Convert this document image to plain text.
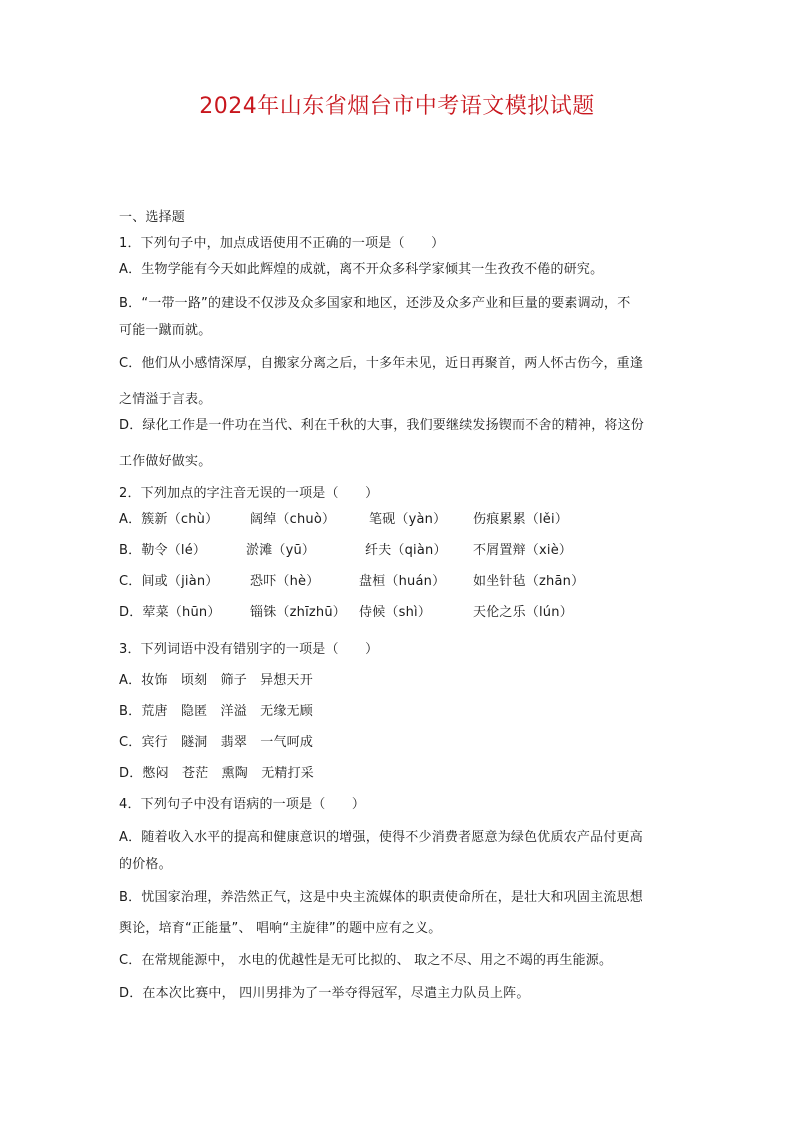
2024年山东省烟台市中考语文模拟试题
一、选择题
1．下列句子中，加点成语使用不正确的一项是（　　）
A．生物学能有今天如此辉煌的成就，离不开众多科学家倾其一生孜孜不倦的研究。
B．“一带一路”的建设不仅涉及众多国家和地区，还涉及众多产业和巨量的要素调动，不
可能一蹴而就。
C．他们从小感情深厚，自搬家分离之后，十多年未见，近日再聚首，两人怀古伤今，重逢
之情溢于言表。
D．绿化工作是一件功在当代、利在千秋的大事，我们要继续发扬锲而不舍的精神，将这份
工作做好做实。
2．下列加点的字注音无误的一项是（　　）
A．簇新（chù） 阔绰（chuò）	笔砚（yàn） 伤痕累累（lěi）
B．勒令（lé）	淤滩（yū）	纤夫（qiàn） 不屑置辩（xiè）
C．间或（jiàn） 恐吓（hè）	盘桓（huán） 如坐针毡（zhān）
D．荤菜（hūn） 锱铢（zhīzhū） 侍候（shì）	天伦之乐（lún）
3．下列词语中没有错别字的一项是（　　）
A．妆饰　顷刻　筛子　异想天开
B．荒唐　隐匿　洋溢　无缘无顾
C．宾行　隧洞　翡翠　一气呵成
D．憋闷　苍茫　熏陶　无精打采
4．下列句子中没有语病的一项是（　　）
A．随着收入水平的提高和健康意识的增强，使得不少消费者愿意为绿色优质农产品付更高
的价格。
B．忧国家治理，养浩然正气，这是中央主流媒体的职责使命所在，是壮大和巩固主流思想
舆论，培育“正能量”、 唱响“主旋律”的题中应有之义。
C．在常规能源中， 水电的优越性是无可比拟的、 取之不尽、用之不竭的再生能源。
D．在本次比赛中， 四川男排为了一举夺得冠军，尽遣主力队员上阵。
